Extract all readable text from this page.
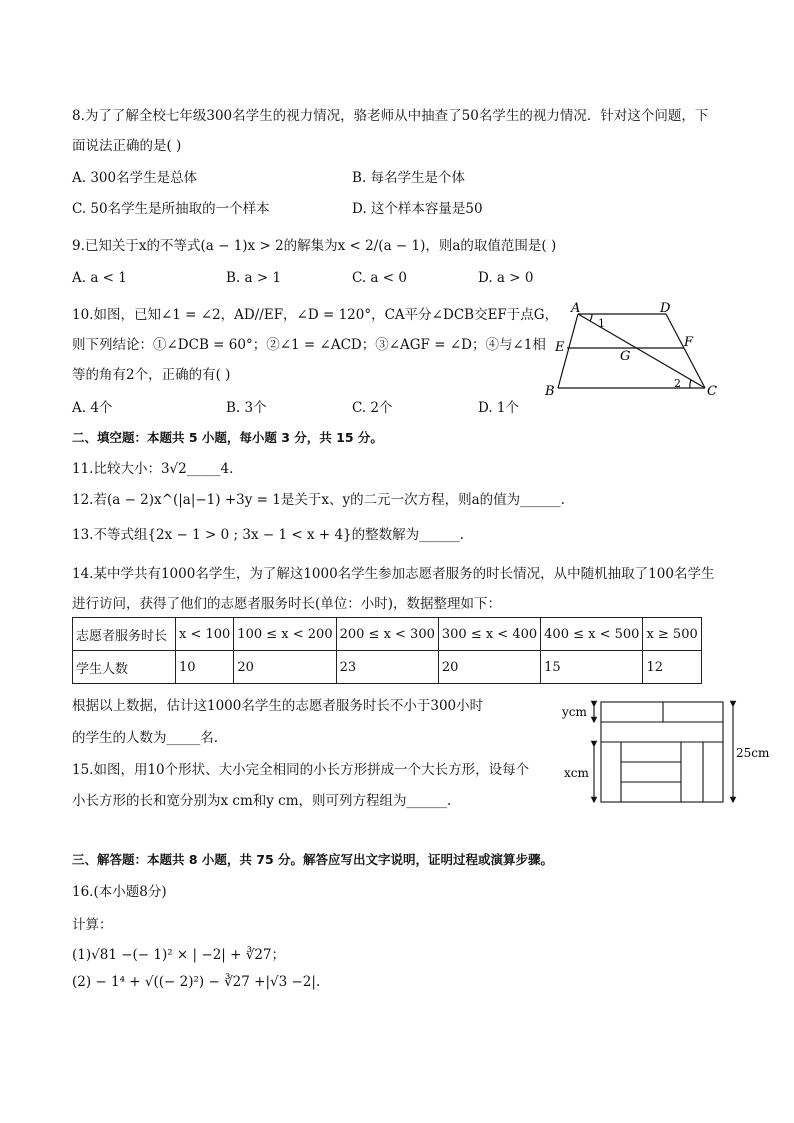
8.为了了解全校七年级300名学生的视力情况，骆老师从中抽查了50名学生的视力情况．针对这个问题，下
面说法正确的是( )
A. 300名学生是总体	B. 每名学生是个体
C. 50名学生是所抽取的一个样本	D. 这个样本容量是50
9.已知关于x的不等式(a − 1)x > 2的解集为x < 2/(a − 1)，则a的取值范围是( )
A. a < 1	B. a > 1	C. a < 0	D. a > 0
10.如图，已知∠1 = ∠2，AD//EF，∠D = 120°，CA平分∠DCB交EF于点G，
则下列结论：①∠DCB = 60°；②∠1 = ∠ACD；③∠AGF = ∠D；④与∠1相
等的角有2个，正确的有( )
A. 4个	B. 3个	C. 2个	D. 1个
A	D
E	F
G
B	C
1
2
二、填空题：本题共 5 小题，每小题 3 分，共 15 分。
11.比较大小：3√2_____4.
12.若(a − 2)x^(|a|−1) +3y = 1是关于x、y的二元一次方程，则a的值为______.
13.不等式组{2x − 1 > 0 ; 3x − 1 < x + 4}的整数解为______.
14.某中学共有1000名学生，为了解这1000名学生参加志愿者服务的时长情况，从中随机抽取了100名学生
进行访问，获得了他们的志愿者服务时长(单位：小时)，数据整理如下：
志愿者服务时长	x < 100	100 ≤ x < 200	200 ≤ x < 300	300 ≤ x < 400	400 ≤ x < 500	x ≥ 500
学生人数	10	20	23	20	15	12
根据以上数据，估计这1000名学生的志愿者服务时长不小于300小时
的学生的人数为_____名.
15.如图，用10个形状、大小完全相同的小长方形拼成一个大长方形，设每个
小长方形的长和宽分别为x cm和y cm，则可列方程组为______.
ycm
xcm
25cm
三、解答题：本题共 8 小题，共 75 分。解答应写出文字说明，证明过程或演算步骤。
16.(本小题8分)
计算：
(1)√81 −(− 1)² × | −2| + ∛27；
(2) − 1⁴ + √((− 2)²) − ∛27 +|√3 −2|.
